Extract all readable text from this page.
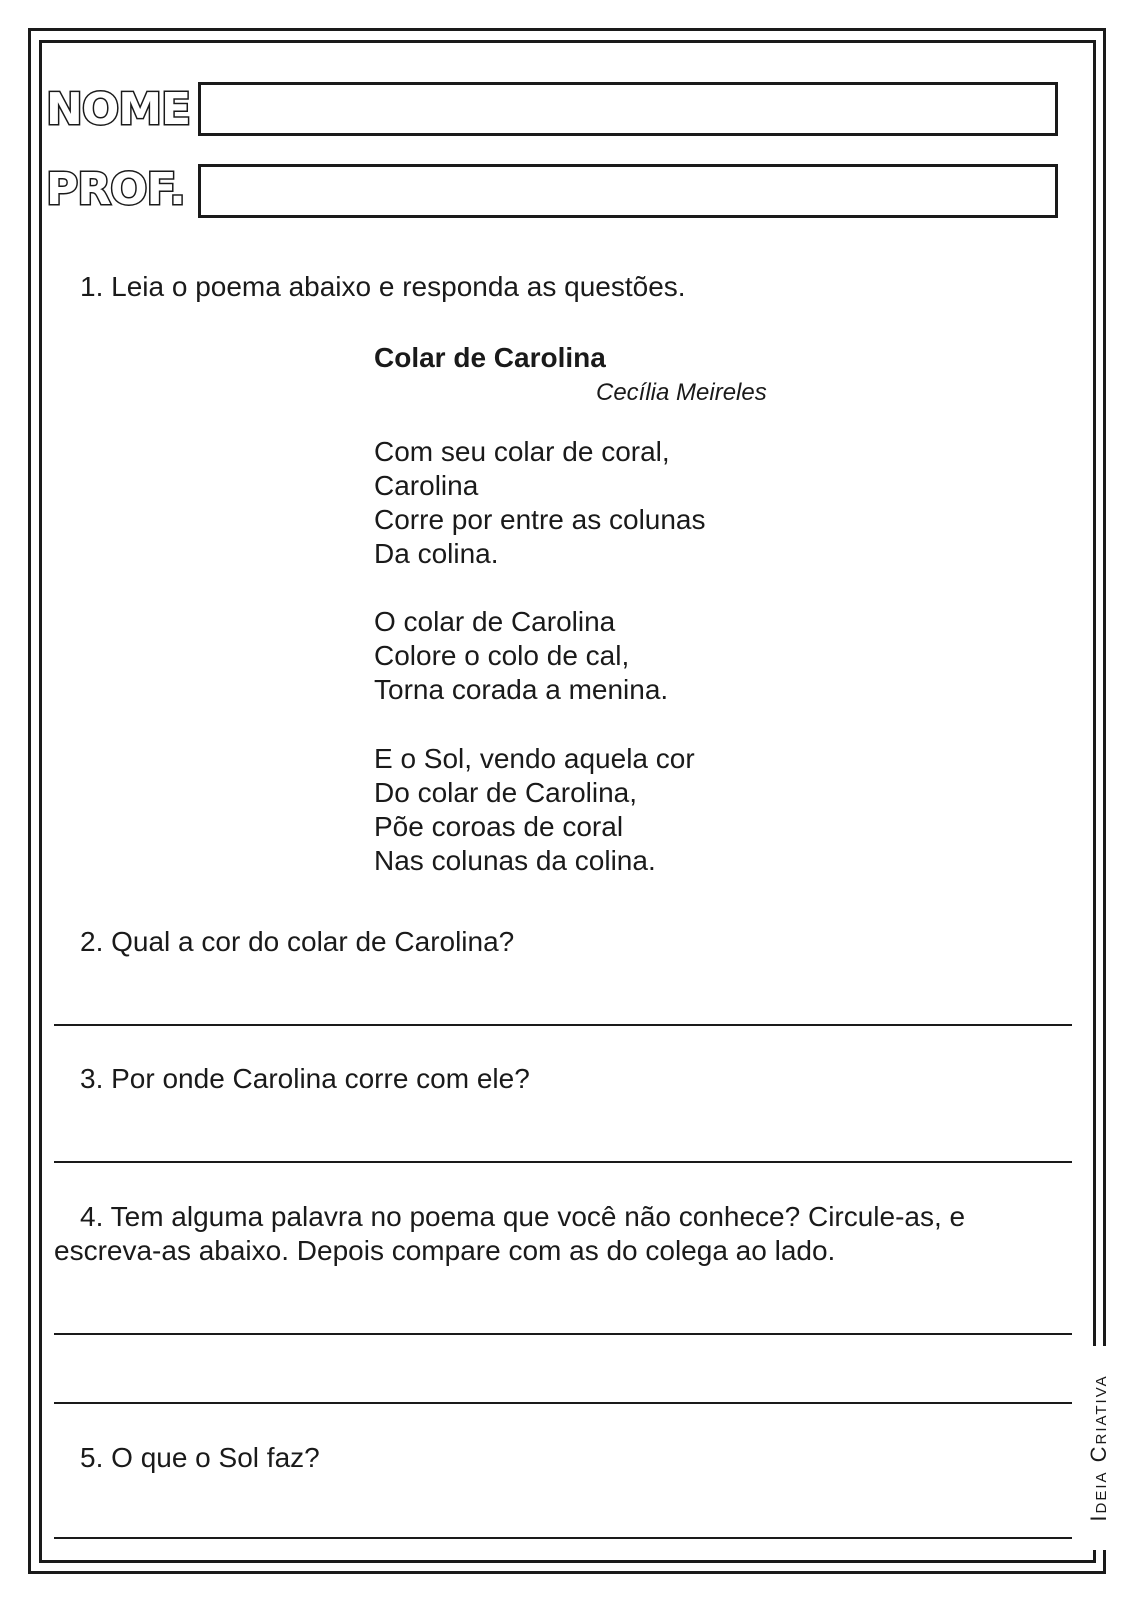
NOME
PROF.
1. Leia o poema abaixo e responda as questões.
Colar de Carolina
Cecília Meireles
Com seu colar de coral,
Carolina
Corre por entre as colunas
Da colina.
O colar de Carolina
Colore o colo de cal,
Torna corada a menina.
E o Sol, vendo aquela cor
Do colar de Carolina,
Põe coroas de coral
Nas colunas da colina.
2. Qual a cor do colar de Carolina?
3. Por onde Carolina corre com ele?
4. Tem alguma palavra no poema que você não conhece? Circule-as, e
escreva-as abaixo. Depois compare com as do colega ao lado.
5. O que o Sol faz?	Ideia Criativa
